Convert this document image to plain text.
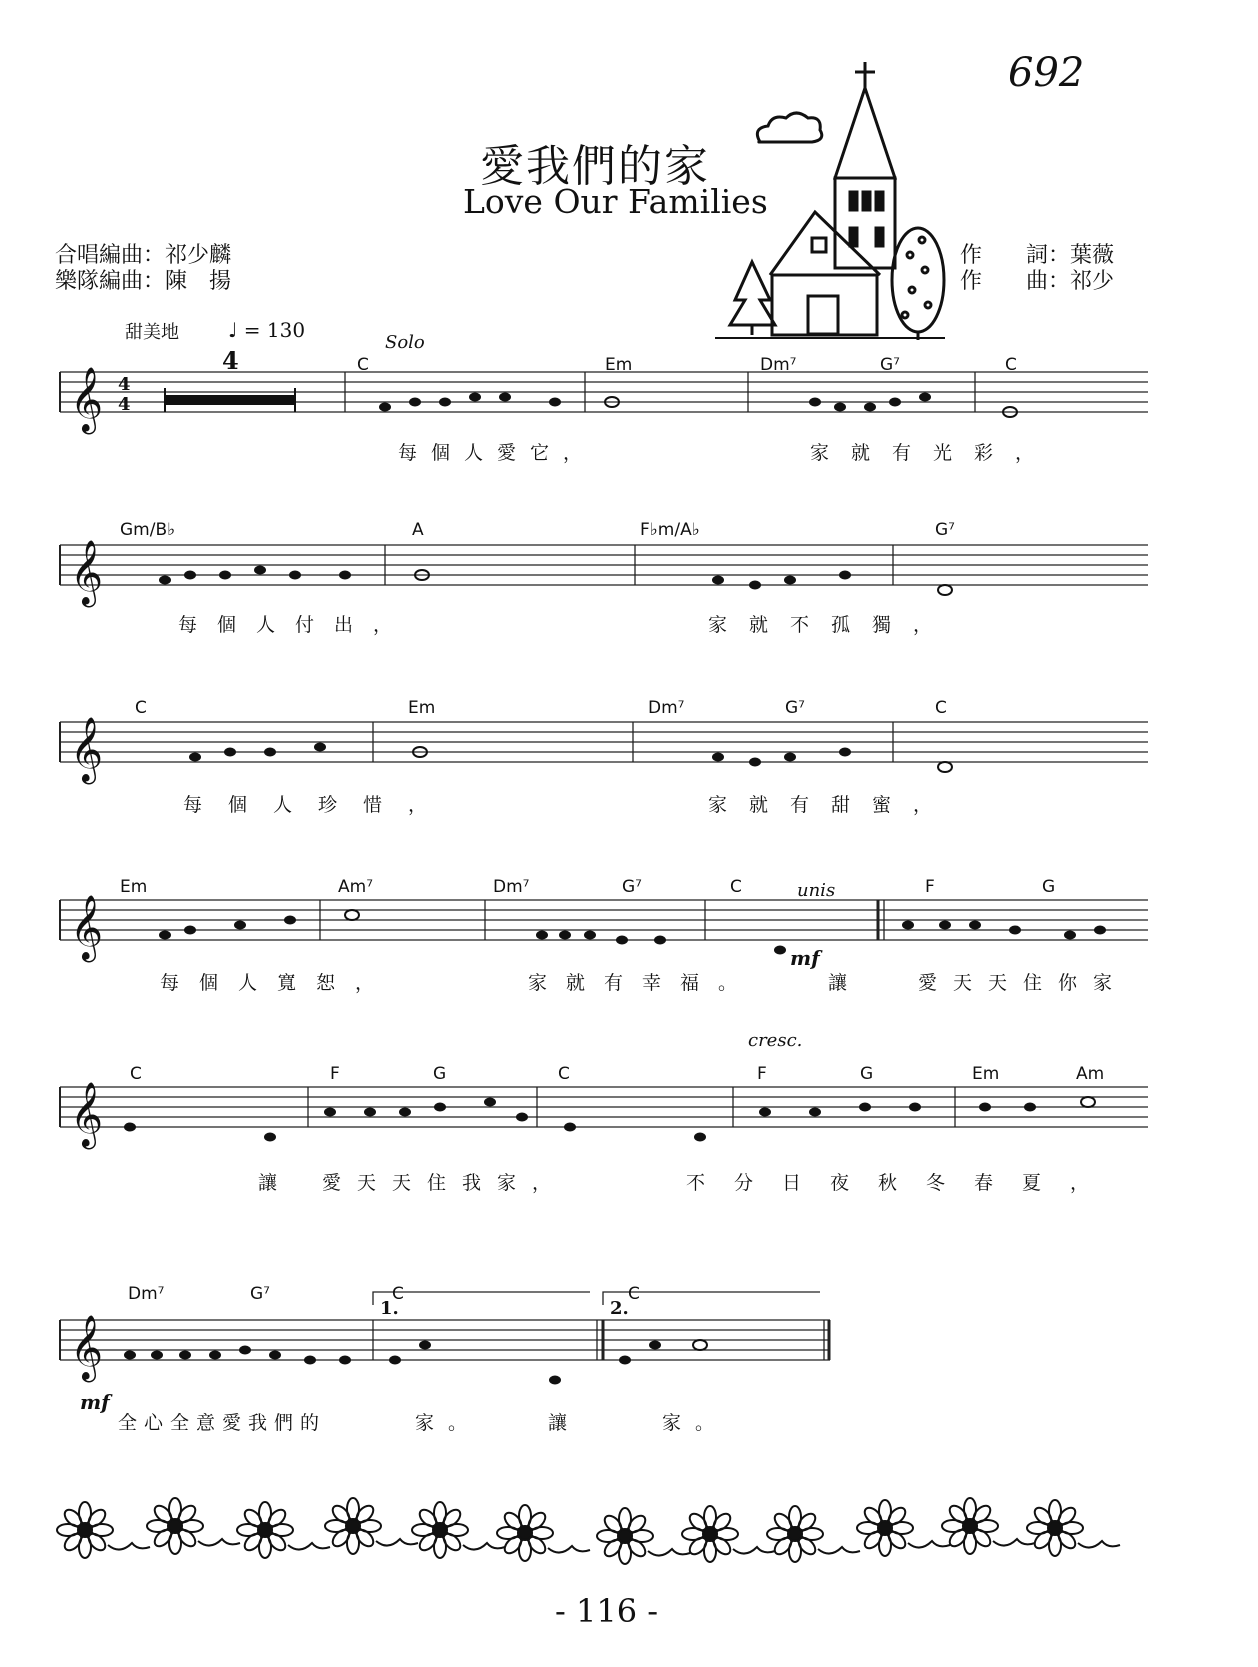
692
愛我們的家
Love Our Families
合唱編曲：祁少麟
樂隊編曲：陳　揚
作　　詞：葉薇
作　　曲：祁少
甜美地 ♩ = 130
𝄞
𝄞
𝄞
𝄞
𝄞
𝄞
4
4
4
Solo
unis
mf
cresc.
mf
C	Em	Dm⁷	G⁷	C
每個人愛它，	家就有光彩，
Gm/B♭	A	F♭m/A♭	G⁷
每個人付出，	家就不孤獨，
C	Em	Dm⁷	G⁷	C
每個人珍惜，	家就有甜蜜，
Em	Am⁷	Dm⁷	G⁷	C	F	G
每個人寬恕，	家就有幸福。	讓	愛天天住你家
C	F	G	C	F	G	Em	Am
讓 愛天天住我家，	不分日夜秋冬春夏，
Dm⁷	G⁷	C	C
1.	2.
全心全意愛我們的	家。	讓	家。
- 116 -
